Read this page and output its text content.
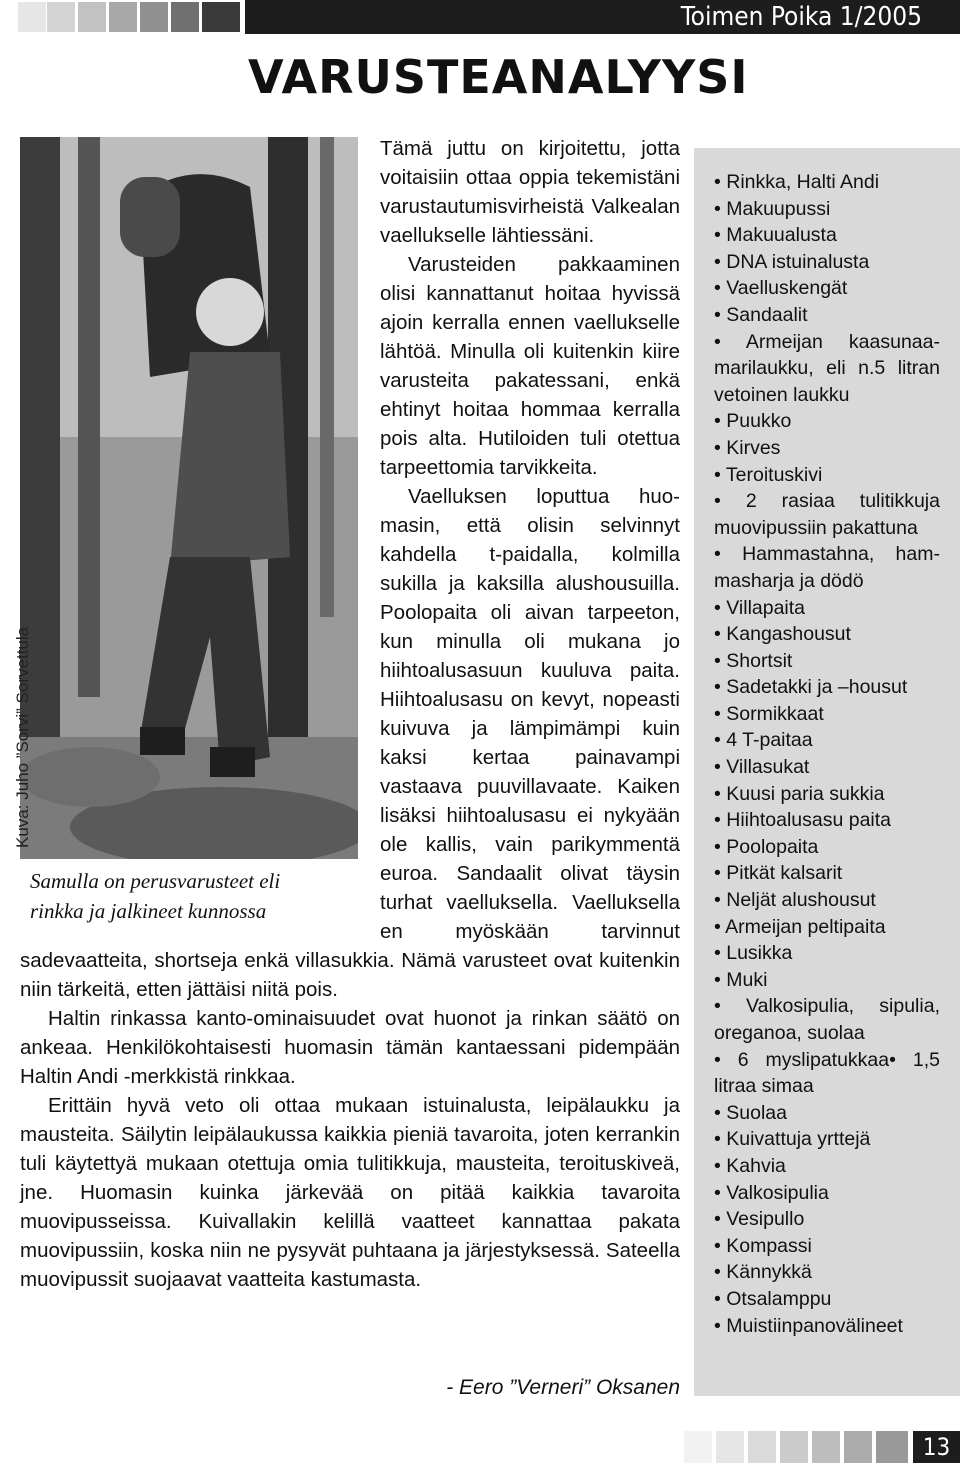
Toimen Poika 1/2005
VARUSTEANALYYSI
Kuva: Juho ”Sorvi” Sorvettula
Samulla on perusvarusteet eli
rinkka ja jalkineet kunnossa

Tämä juttu on kirjoitettu, jotta voitaisiin ottaa oppia tekemistäni varustautumisvirheistä Valkealan vaellukselle lähtiessäni.

Varusteiden pakkaaminen olisi kannattanut hoitaa hyvissä ajoin kerralla ennen vaellukselle lähtöä. Minulla oli kuitenkin kiire varusteita pakatessani, enkä ehtinyt hoitaa hommaa kerralla pois alta. Hutiloiden tuli otettua tarpeettomia tarvikkeita.

Vaelluksen loputtua huomasin, että olisin selvinnyt kahdella t-paidalla, kolmilla sukilla ja kaksilla alushousuilla. Poolopaita oli aivan tarpeeton, kun minulla oli mukana jo hiihtoalusasuun kuuluva paita. Hiihtoalusasu on kevyt, nopeasti kuivuva ja lämpimämpi kuin kaksi kertaa painavampi vastaava puuvillavaate. Kaiken lisäksi hiihtoalusasu ei nykyään ole kallis, vain parikymmentä euroa. Sandaalit olivat täysin turhat vaelluksella. Vaelluksella en myöskään tarvinnut sadevaatteita, shortseja enkä villasukkia. Nämä varusteet ovat kuitenkin niin tärkeitä, etten jättäisi niitä pois.

Haltin rinkassa kanto-ominaisuudet ovat huonot ja rinkan säätö on ankeaa. Henkilökohtaisesti huomasin tämän kantaessani pidempään Haltin Andi -merkkistä rinkkaa.

Erittäin hyvä veto oli ottaa mukaan istuinalusta, leipälaukku ja mausteita. Säilytin leipälaukussa kaikkia pieniä tavaroita, joten kerrankin tuli käytettyä mukaan otettuja omia tulitikkuja, mausteita, teroituskiveä, jne. Huomasin kuinka järkevää on pitää kaikkia tavaroita muovipusseissa. Kuivallakin kelillä vaatteet kannattaa pakata muovipussiin, koska niin ne pysyvät puhtaana ja järjestyksessä. Sateella muovipussit suojaavat vaatteita kastumasta.

- Eero ”Verneri” Oksanen
• Rinkka, Halti Andi
• Makuupussi
• Makuualusta
• DNA istuinalusta
• Vaelluskengät
• Sandaalit
• Armeijan kaasunaamarilaukku, eli n.5 litran vetoinen laukku
• Puukko
• Kirves
• Teroituskivi
• 2 rasiaa tulitikkuja muovipussiin pakattuna
• Hammastahna, hammasharja ja dödö
• Villapaita
• Kangashousut
• Shortsit
• Sadetakki ja –housut
• Sormikkaat
• 4 T-paitaa
• Villasukat
• Kuusi paria sukkia
• Hiihtoalusasu paita
• Poolopaita
• Pitkät kalsarit
• Neljät alushousut
• Armeijan peltipaita
• Lusikka
• Muki
• Valkosipulia, sipulia, oreganoa, suolaa
• 6 myslipatukkaa• 1,5 litraa simaa
• Suolaa
• Kuivattuja yrttejä
• Kahvia
• Valkosipulia
• Vesipullo
• Kompassi
• Kännykkä
• Otsalamppu
• Muistiinpanovälineet
13
